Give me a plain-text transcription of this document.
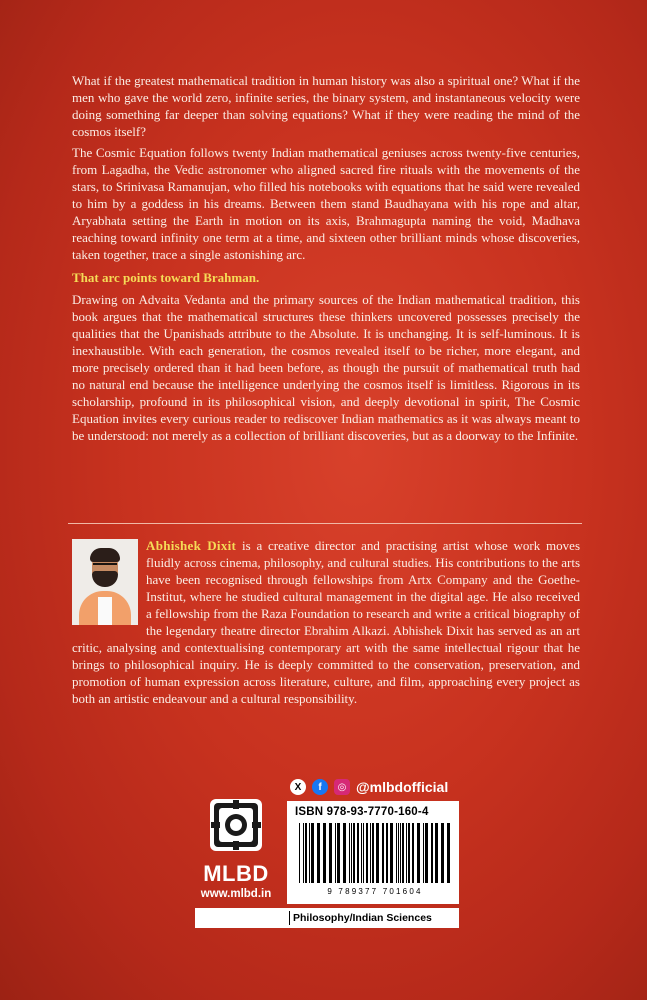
What if the greatest mathematical tradition in human history was also a spiritual one? What if the men who gave the world zero, infinite series, the binary system, and instantaneous velocity were doing something far deeper than solving equations? What if they were reading the mind of the cosmos itself?

The Cosmic Equation follows twenty Indian mathematical geniuses across twenty-five centuries, from Lagadha, the Vedic astronomer who aligned sacred fire rituals with the movements of the stars, to Srinivasa Ramanujan, who filled his notebooks with equations that he said were revealed to him by a goddess in his dreams. Between them stand Baudhayana with his rope and altar, Aryabhata setting the Earth in motion on its axis, Brahmagupta naming the void, Madhava reaching toward infinity one term at a time, and sixteen other brilliant minds whose discoveries, taken together, trace a single astonishing arc.

That arc points toward Brahman.

Drawing on Advaita Vedanta and the primary sources of the Indian mathematical tradition, this book argues that the mathematical structures these thinkers uncovered possesses precisely the qualities that the Upanishads attribute to the Absolute. It is unchanging. It is self-luminous. It is inexhaustible. With each generation, the cosmos revealed itself to be richer, more elegant, and more precisely ordered than it had been before, as though the pursuit of mathematical truth had no natural end because the intelligence underlying the cosmos itself is limitless. Rigorous in its scholarship, profound in its philosophical vision, and deeply devotional in spirit, The Cosmic Equation invites every curious reader to rediscover Indian mathematics as it was always meant to be understood: not merely as a collection of brilliant discoveries, but as a doorway to the Infinite.

Abhishek Dixit is a creative director and practising artist whose work moves fluidly across cinema, philosophy, and cultural studies. His contributions to the arts have been recognised through fellowships from Artx Company and the Goethe-Institut, where he studied cultural management in the digital age. He also received a fellowship from the Raza Foundation to research and write a critical biography of the legendary theatre director Ebrahim Alkazi. Abhishek Dixit has served as an art critic, analysing and contextualising contemporary art with the same intellectual rigour that he brings to philosophical inquiry. He is deeply committed to the conservation, preservation, and promotion of human expression across literature, culture, and film, approaching every project as both an artistic endeavour and a cultural responsibility.
X	f	◎ @mlbdofficial
MLBD
www.mlbd.in
ISBN 978-93-7770-160-4
9 789377 701604
Philosophy/Indian Sciences
